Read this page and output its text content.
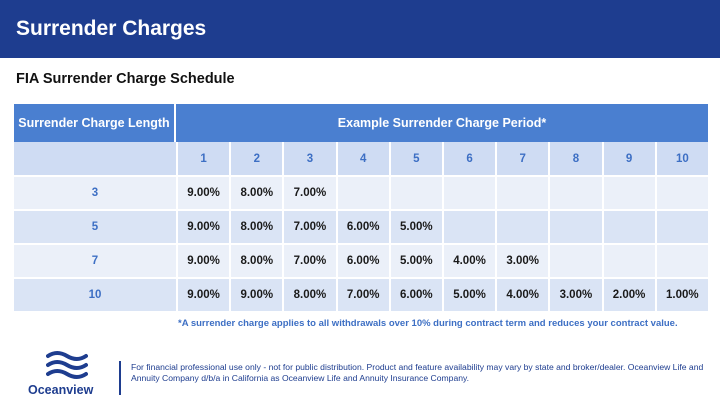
Surrender Charges
FIA Surrender Charge Schedule
Surrender Charge Length	Example Surrender Charge Period*									
	1	2	3	4	5	6	7	8	9	10
3	9.00%	8.00%	7.00%							
5	9.00%	8.00%	7.00%	6.00%	5.00%					
7	9.00%	8.00%	7.00%	6.00%	5.00%	4.00%	3.00%			
10	9.00%	9.00%	8.00%	7.00%	6.00%	5.00%	4.00%	3.00%	2.00%	1.00%
*A surrender charge applies to all withdrawals over 10% during contract term and reduces your contract value.
Oceanview
For financial professional use only - not for public distribution. Product and feature availability may vary by state and broker/dealer. Oceanview Life and Annuity Company d/b/a in California as Oceanview Life and Annuity Insurance Company.
